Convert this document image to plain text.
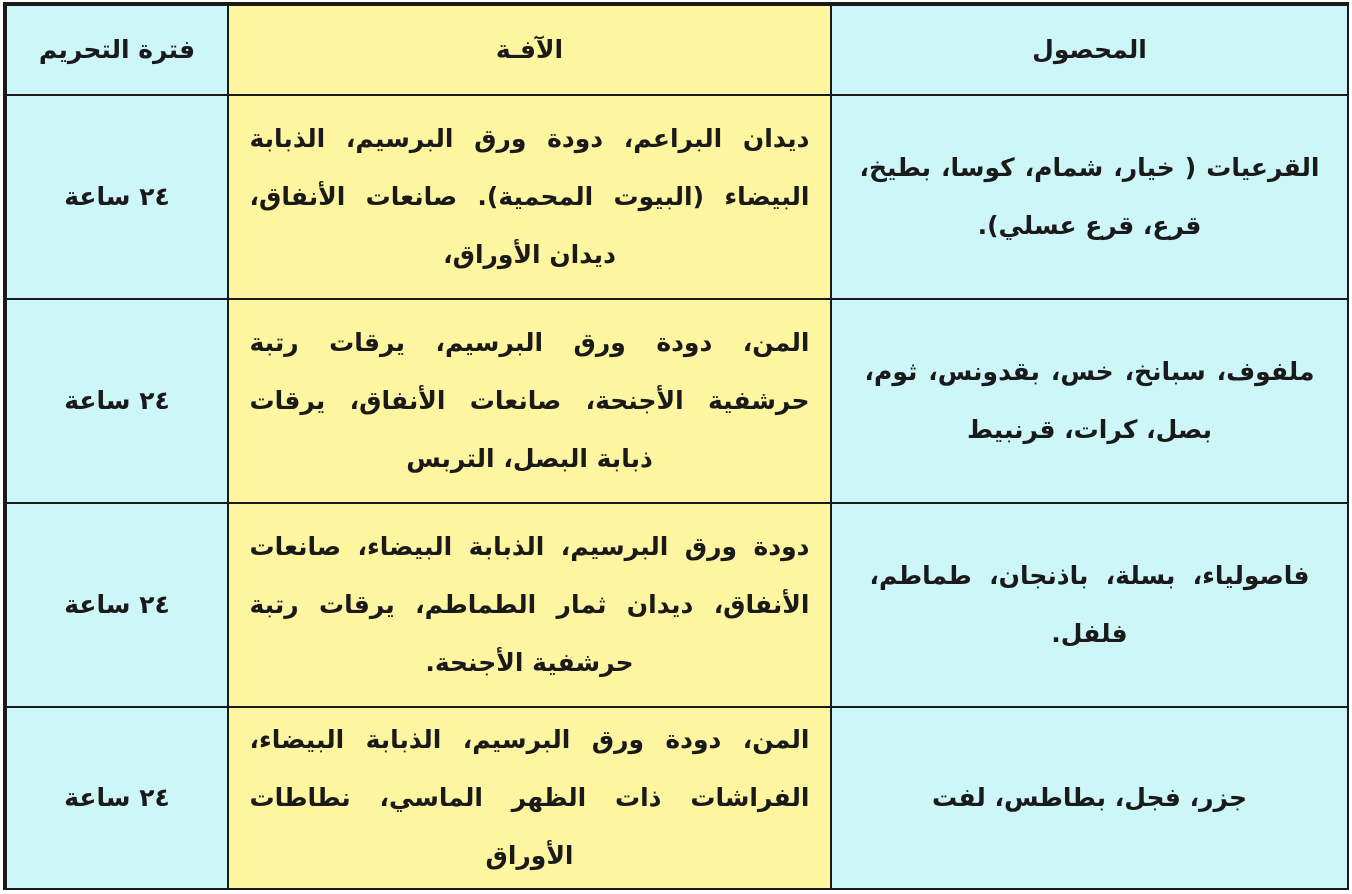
المحصول	الآفـة	فترة التحريم
القرعيات ( خيار، شمام، كوسا، بطيخ، قرع، قرع عسلي).	ديدان البراعم، دودة ورق البرسيم، الذبابة البيضاء (البيوت المحمية). صانعات الأنفاق، ديدان الأوراق،	٢٤ ساعة
ملفوف، سبانخ، خس، بقدونس، ثوم، بصل، كرات، قرنبيط	المن، دودة ورق البرسيم، يرقات رتبة حرشفية الأجنحة، صانعات الأنفاق، يرقات ذبابة البصل، التربس	٢٤ ساعة
فاصولياء، بسلة، باذنجان، طماطم، فلفل.	دودة ورق البرسيم، الذبابة البيضاء، صانعات الأنفاق، ديدان ثمار الطماطم، يرقات رتبة حرشفية الأجنحة.	٢٤ ساعة
جزر، فجل، بطاطس، لفت	المن، دودة ورق البرسيم، الذبابة البيضاء، الفراشات ذات الظهر الماسي، نطاطات الأوراق	٢٤ ساعة
